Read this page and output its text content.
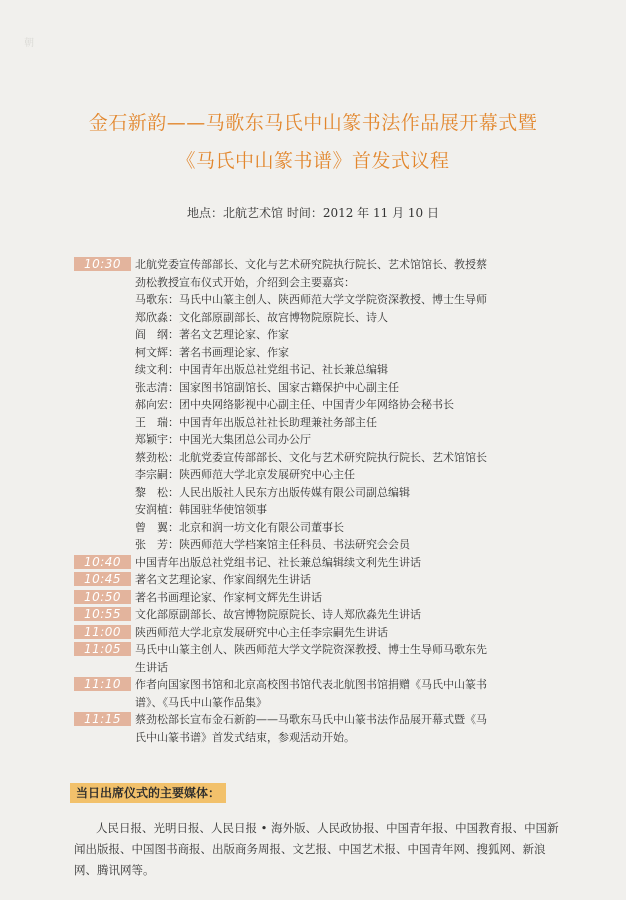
朝
金石新韵——马歌东马氏中山篆书法作品展开幕式暨
《马氏中山篆书谱》首发式议程
地点：北航艺术馆 时间：2012 年 11 月 10 日
10:30	北航党委宣传部部长、文化与艺术研究院执行院长、艺术馆馆长、教授蔡
劲松教授宣布仪式开始，介绍到会主要嘉宾：
马歌东：马氏中山篆主创人、陕西师范大学文学院资深教授、博士生导师
郑欣淼：文化部原副部长、故宫博物院原院长、诗人
阎　纲：著名文艺理论家、作家
柯文辉：著名书画理论家、作家
续文利：中国青年出版总社党组书记、社长兼总编辑
张志清：国家图书馆副馆长、国家古籍保护中心副主任
郝向宏：团中央网络影视中心副主任、中国青少年网络协会秘书长
王　瑞：中国青年出版总社社长助理兼社务部主任
郑颖宇：中国光大集团总公司办公厅
蔡劲松：北航党委宣传部部长、文化与艺术研究院执行院长、艺术馆馆长
李宗嗣：陕西师范大学北京发展研究中心主任
黎　松：人民出版社人民东方出版传媒有限公司副总编辑
安润植：韩国驻华使馆领事
曾　翼：北京和润一坊文化有限公司董事长
张　芳：陕西师范大学档案馆主任科员、书法研究会会员
10:40	中国青年出版总社党组书记、社长兼总编辑续文利先生讲话
10:45	著名文艺理论家、作家阎纲先生讲话
10:50	著名书画理论家、作家柯文辉先生讲话
10:55	文化部原副部长、故宫博物院原院长、诗人郑欣淼先生讲话
11:00	陕西师范大学北京发展研究中心主任李宗嗣先生讲话
11:05	马氏中山篆主创人、陕西师范大学文学院资深教授、博士生导师马歌东先
生讲话
11:10	作者向国家图书馆和北京高校图书馆代表北航图书馆捐赠《马氏中山篆书
谱》、《马氏中山篆作品集》
11:15	蔡劲松部长宣布金石新韵——马歌东马氏中山篆书法作品展开幕式暨《马
氏中山篆书谱》首发式结束，参观活动开始。
当日出席仪式的主要媒体：
人民日报、光明日报、人民日报 • 海外版、人民政协报、中国青年报、中国教育报、中国新闻出版报、中国图书商报、出版商务周报、文艺报、中国艺术报、中国青年网、搜狐网、新浪网、腾讯网等。
